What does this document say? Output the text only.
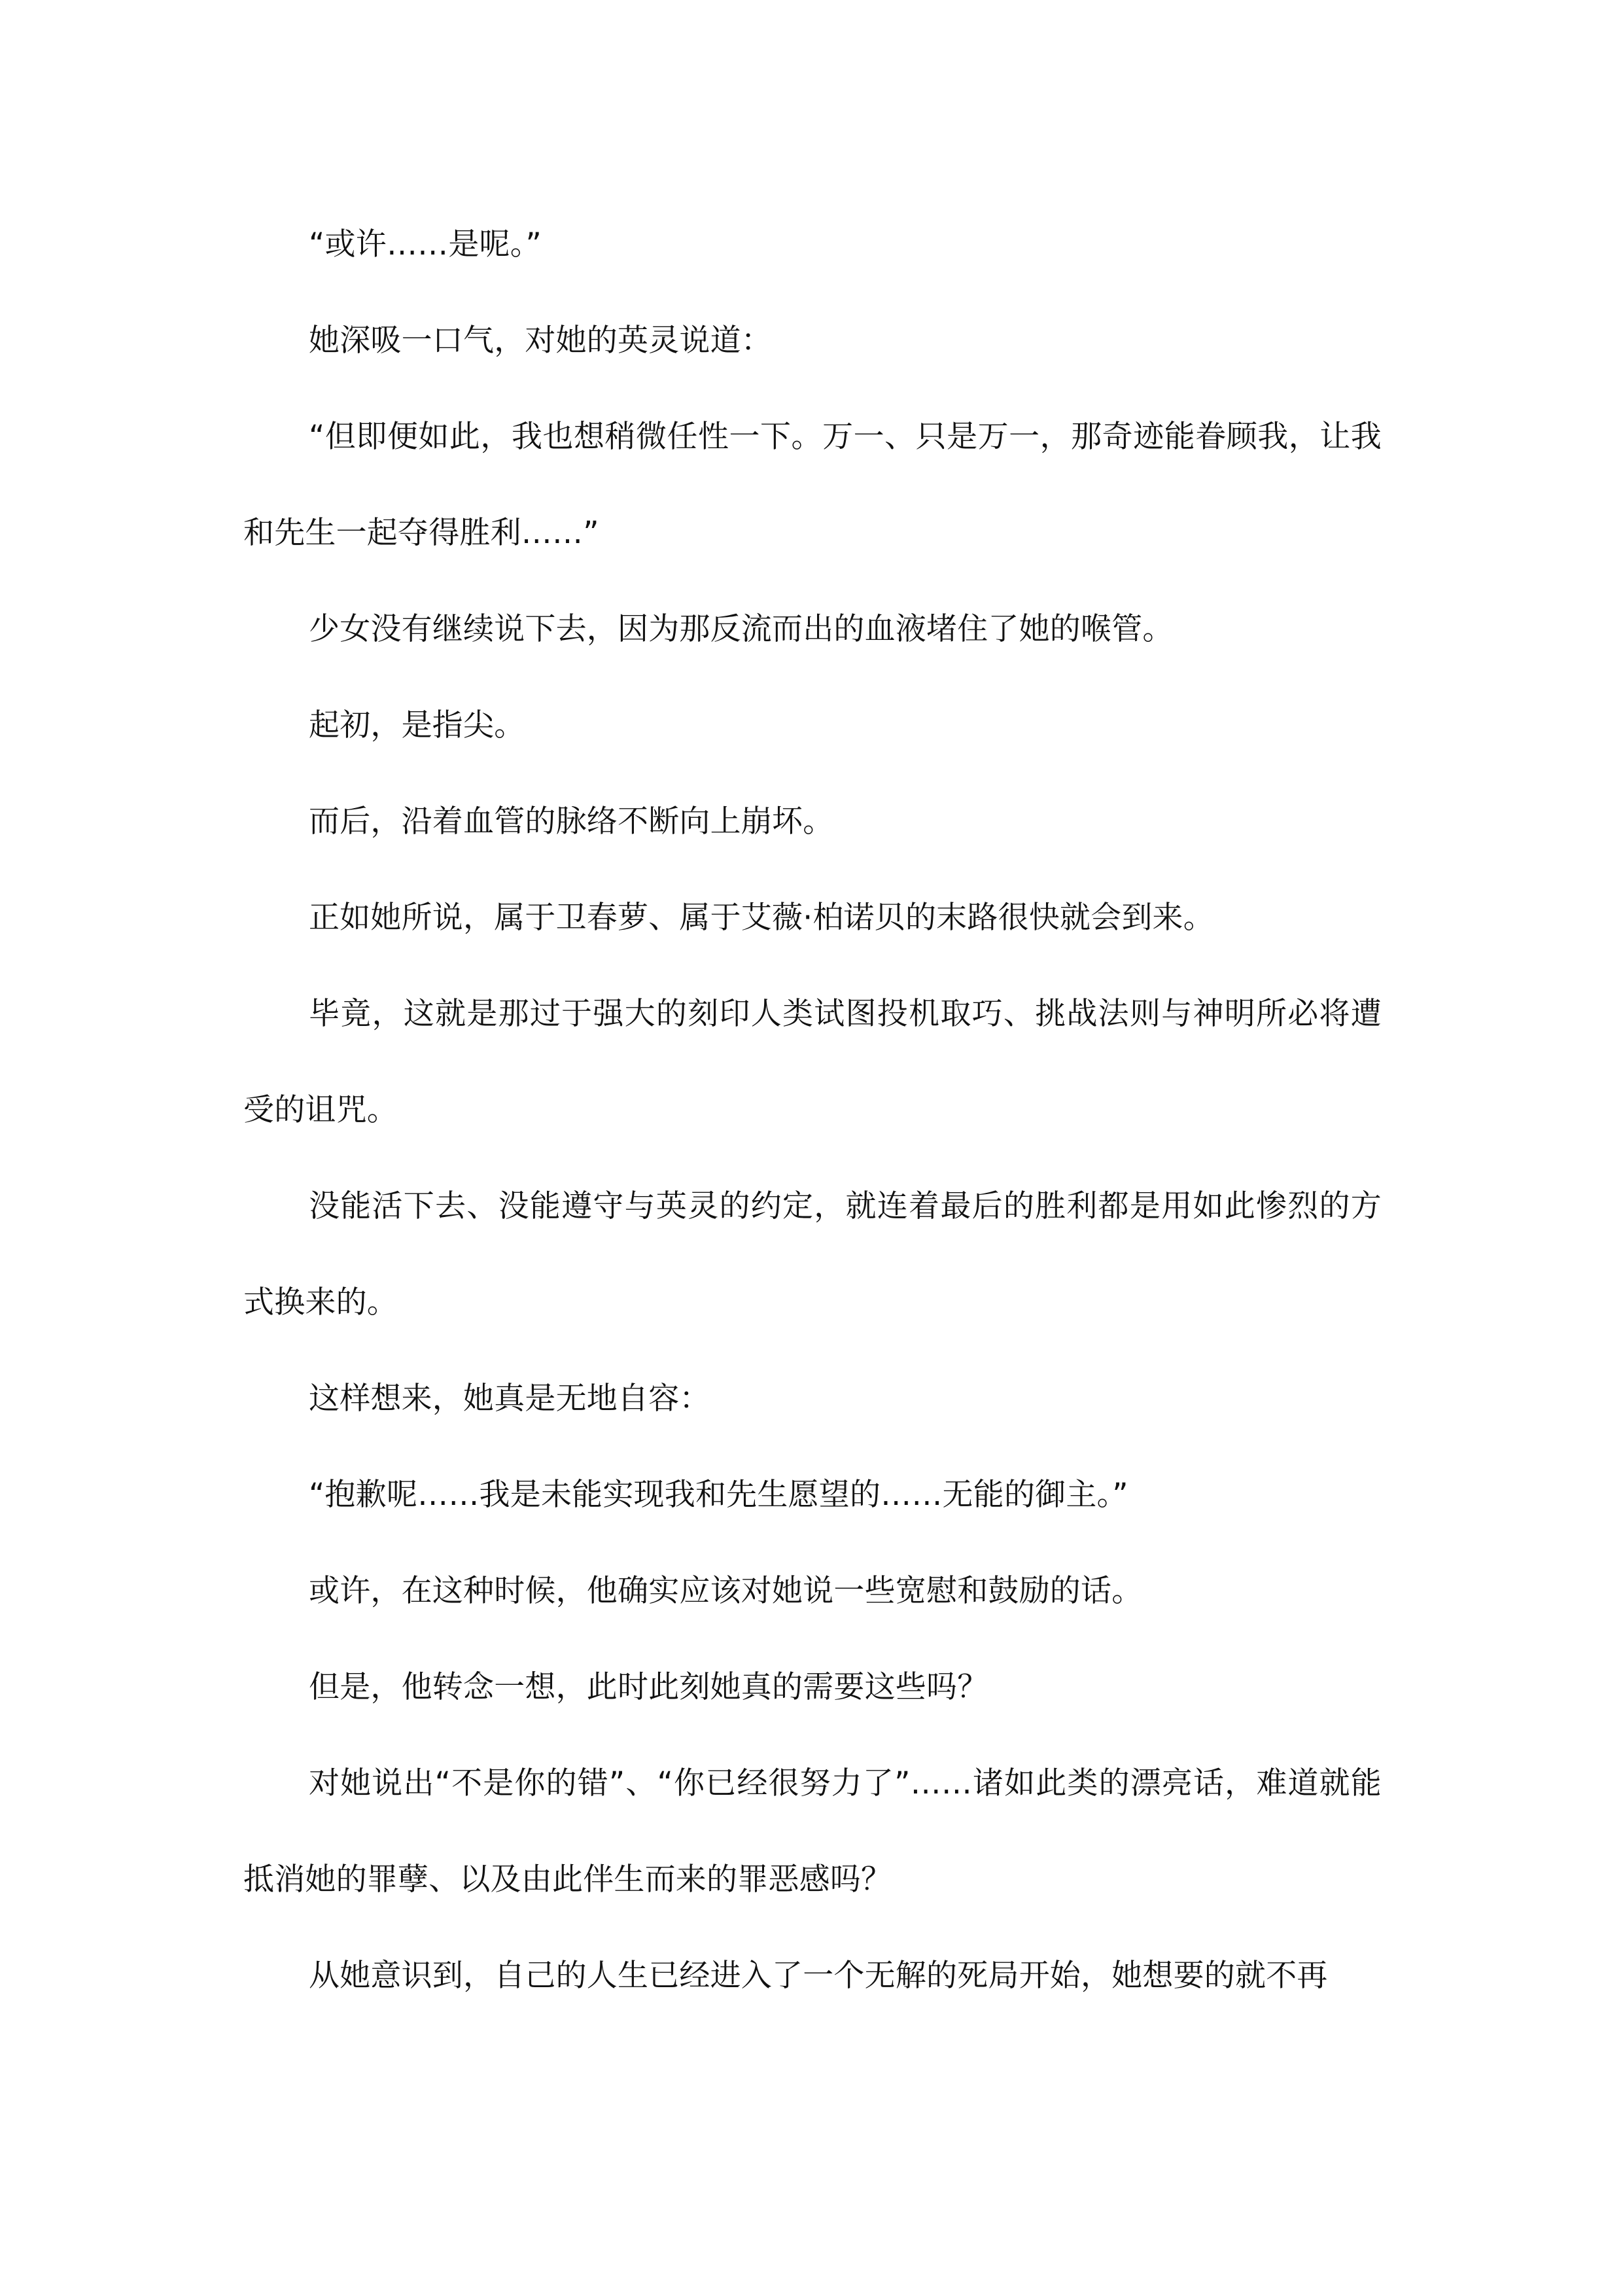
“或许……是呢。”

她深吸一口气，对她的英灵说道：

“但即便如此，我也想稍微任性一下。万一、只是万一，那奇迹能眷顾我，让我和先生一起夺得胜利……”

少女没有继续说下去，因为那反流而出的血液堵住了她的喉管。

起初，是指尖。

而后，沿着血管的脉络不断向上崩坏。

正如她所说，属于卫春萝、属于艾薇·柏诺贝的末路很快就会到来。

毕竟，这就是那过于强大的刻印人类试图投机取巧、挑战法则与神明所必将遭受的诅咒。

没能活下去、没能遵守与英灵的约定，就连着最后的胜利都是用如此惨烈的方式换来的。

这样想来，她真是无地自容：

“抱歉呢……我是未能实现我和先生愿望的……无能的御主。”

或许，在这种时候，他确实应该对她说一些宽慰和鼓励的话。

但是，他转念一想，此时此刻她真的需要这些吗？

对她说出“不是你的错”、“你已经很努力了”……诸如此类的漂亮话，难道就能抵消她的罪孽、以及由此伴生而来的罪恶感吗？

从她意识到，自己的人生已经进入了一个无解的死局开始，她想要的就不再
